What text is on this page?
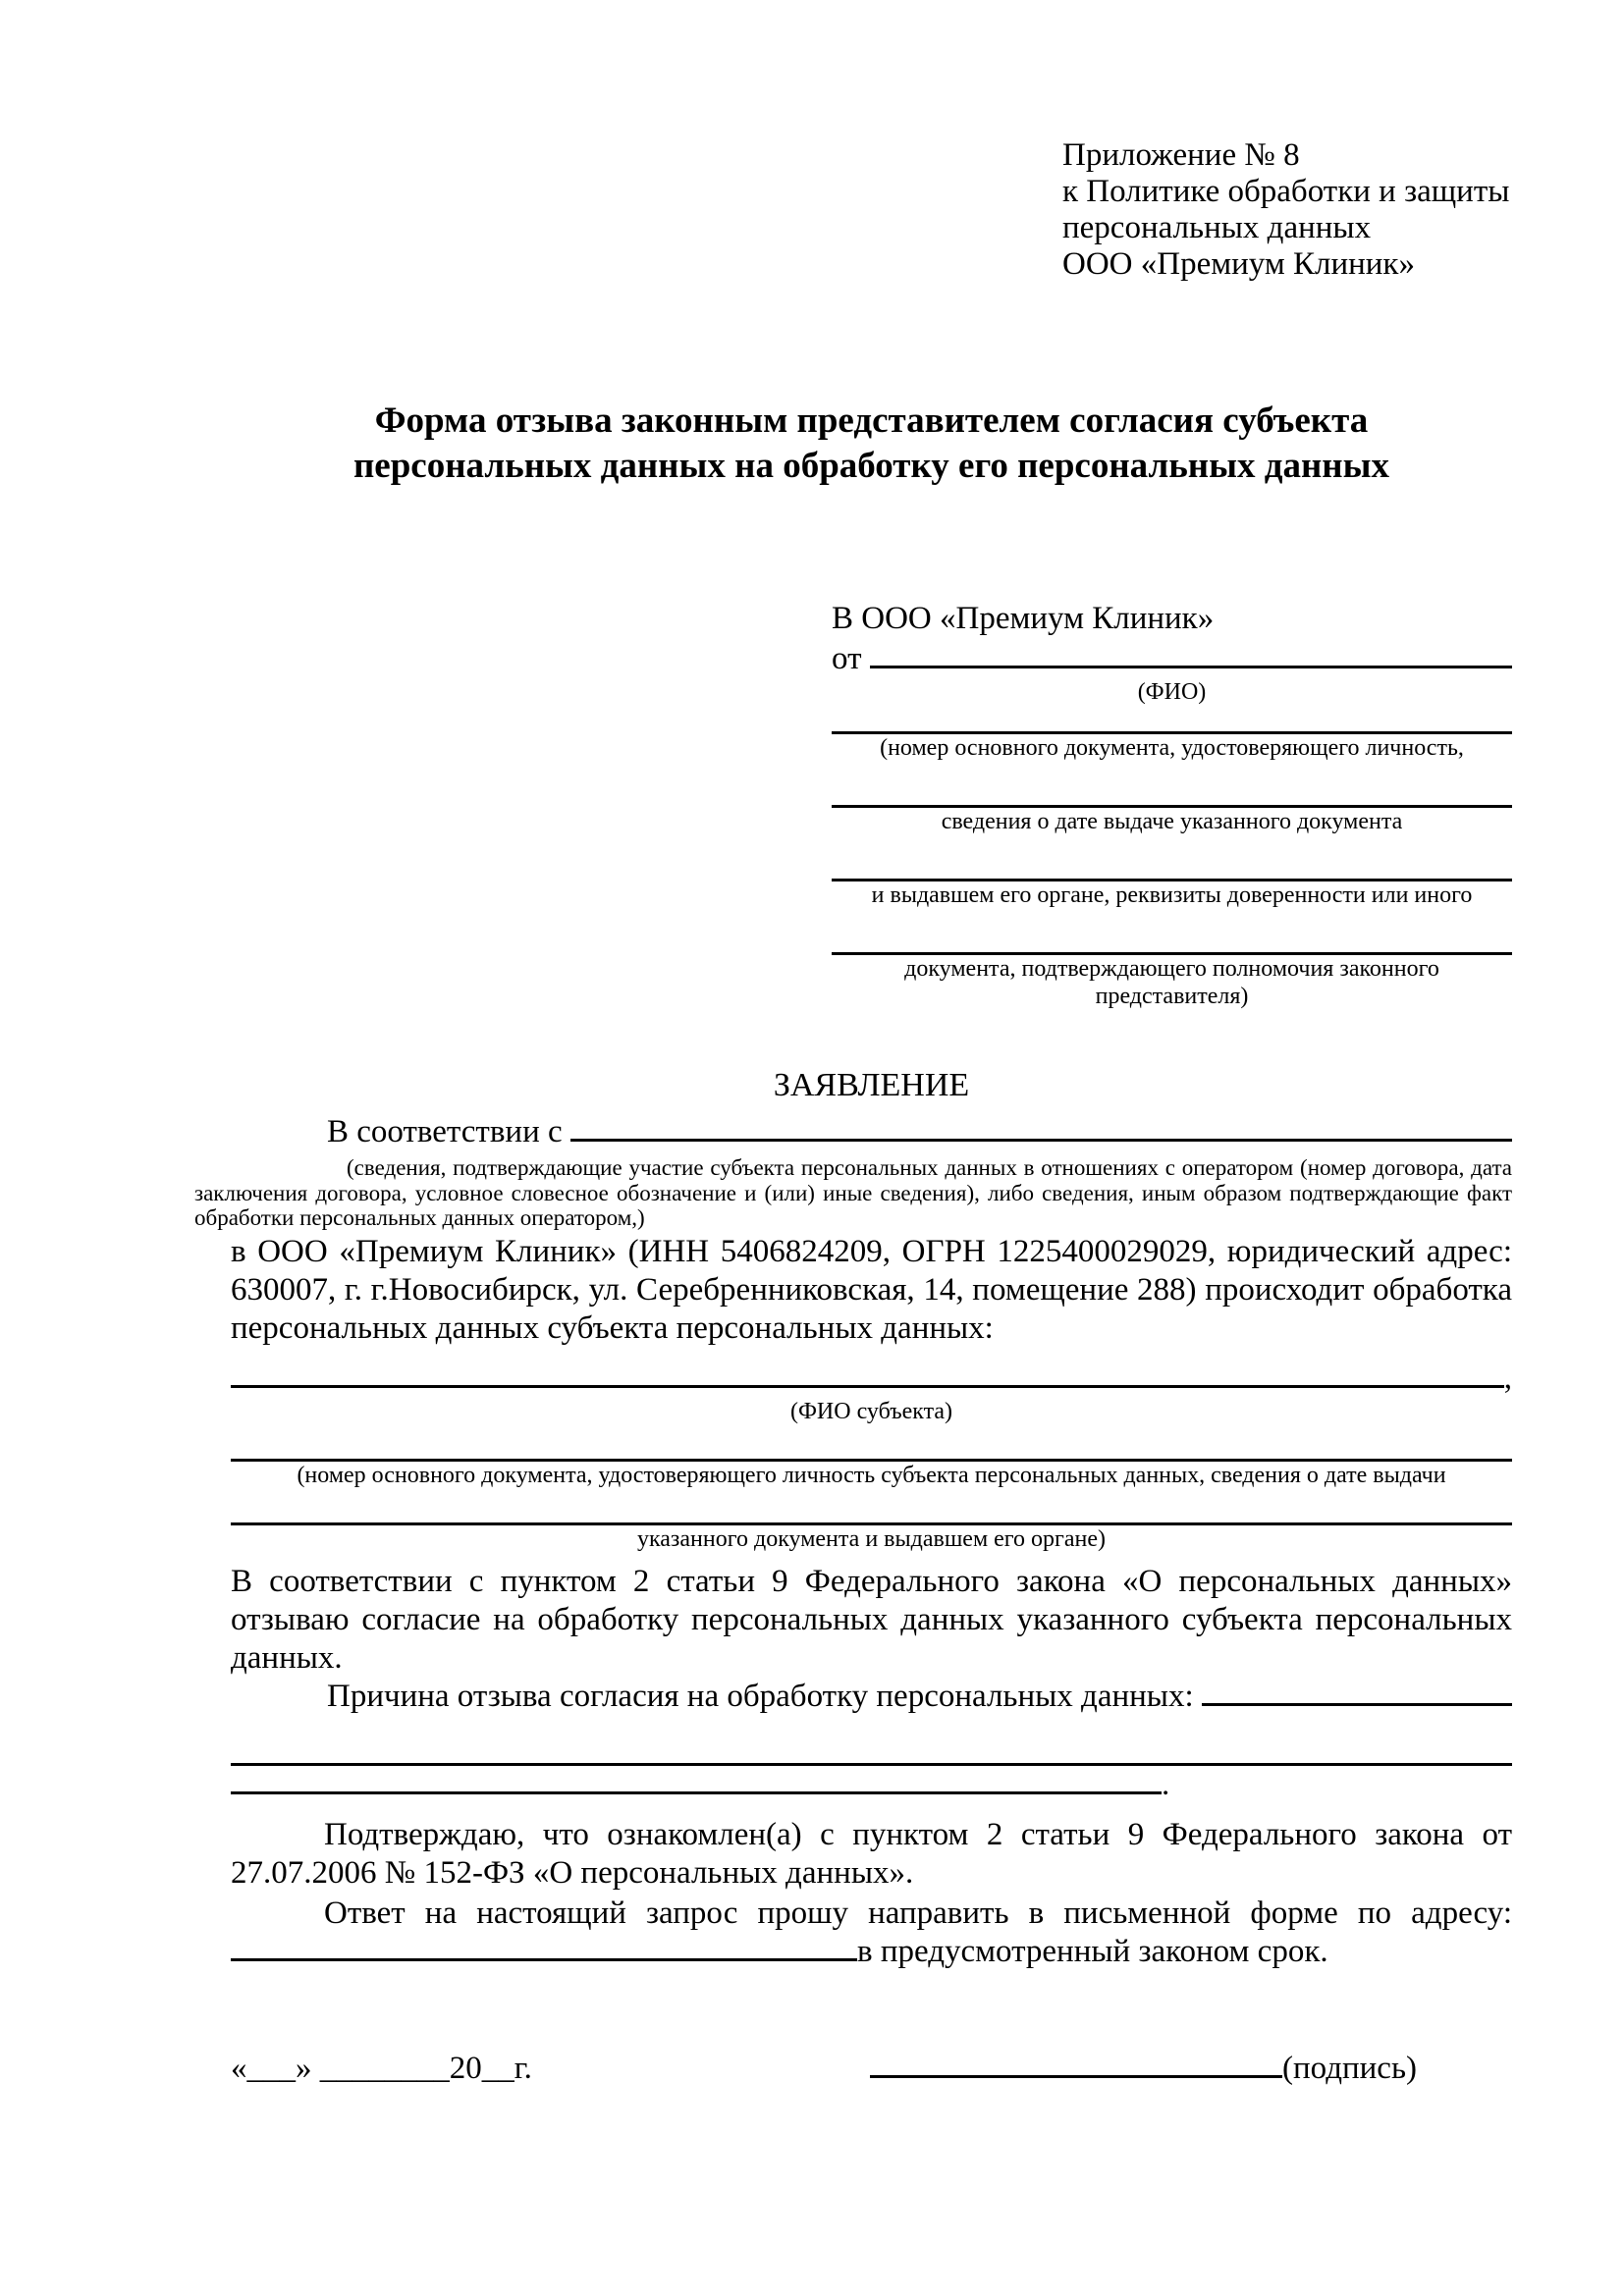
Приложение № 8
к Политике обработки и защиты
персональных данных
ООО «Премиум Клиник»
Форма отзыва законным представителем согласия субъекта
персональных данных на обработку его персональных данных
В ООО «Премиум Клиник»
от

(ФИО)
(номер основного документа, удостоверяющего личность,
сведения о дате выдаче указанного документа
и выдавшем его органе, реквизиты доверенности или иного
документа, подтверждающего полномочия законного представителя)
ЗАЯВЛЕНИЕ
В соответствии с

(сведения, подтверждающие участие субъекта персональных данных в отношениях с оператором (номер договора, дата заключения договора, условное словесное обозначение и (или) иные сведения), либо сведения, иным образом подтверждающие факт обработки персональных данных оператором,)

в ООО «Премиум Клиник» (ИНН 5406824209, ОГРН 1225400029029, юридический адрес: 630007, г. г.Новосибирск, ул. Серебренниковская, 14, помещение 288) происходит обработка персональных данных субъекта персональных данных:

,
(ФИО субъекта)
(номер основного документа, удостоверяющего личность субъекта персональных данных, сведения о дате выдачи
указанного документа и выдавшем его органе)

В соответствии с пунктом 2 статьи 9 Федерального закона «О персональных данных» отзываю согласие на обработку персональных данных указанного субъекта персональных данных.

Причина отзыва согласия на обработку персональных данных:

.

Подтверждаю, что ознакомлен(а) с пунктом 2 статьи 9 Федерального закона от 27.07.2006 № 152-ФЗ «О персональных данных».

Ответ на настоящий запрос прошу направить в письменной форме по адресу:

в предусмотренный законом срок.
«___» ________20__г.	(подпись)
